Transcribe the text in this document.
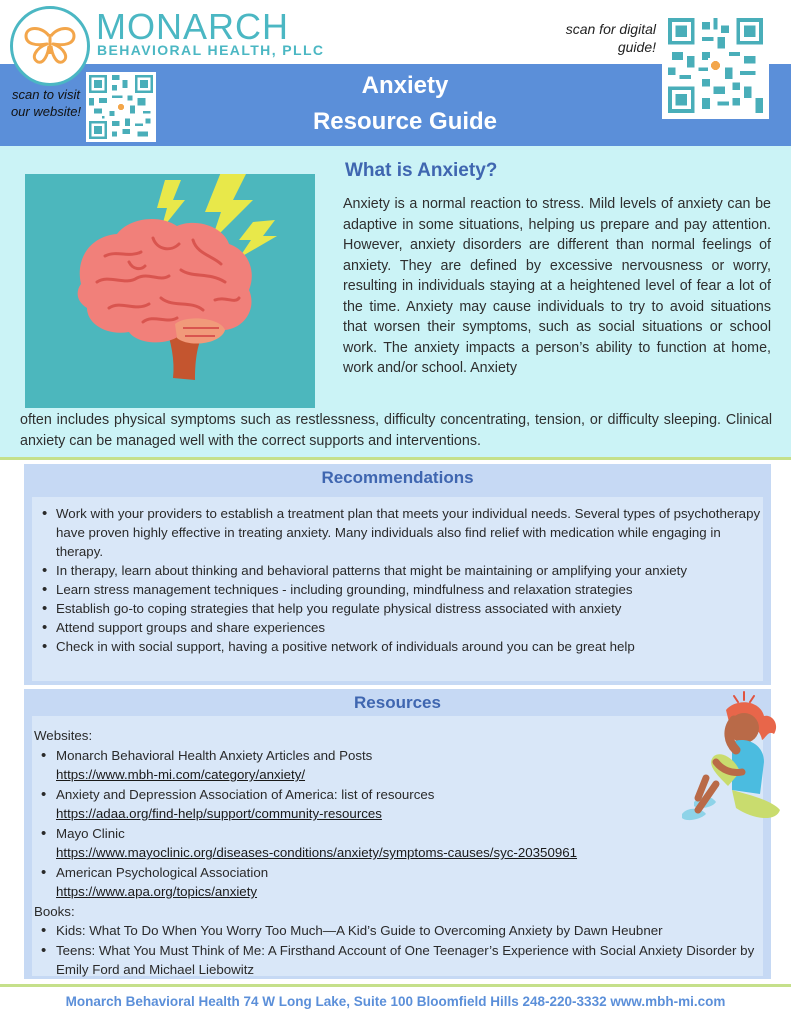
MONARCH
BEHAVIORAL HEALTH, PLLC
scan for digital guide!
scan to visit our website!
Anxiety
Resource Guide
What is Anxiety?
Anxiety is a normal reaction to stress. Mild levels of anxiety can be adaptive in some situations, helping us prepare and pay attention. However, anxiety disorders are different than normal feelings of anxiety. They are defined by excessive nervousness or worry, resulting in individuals staying at a heightened level of fear a lot of the time. Anxiety may cause individuals to try to avoid situations that worsen their symptoms, such as social situations or school work. The anxiety impacts a person’s ability to function at home, work and/or school. Anxiety
often includes physical symptoms such as restlessness, difficulty concentrating, tension, or difficulty sleeping. Clinical anxiety can be managed well with the correct supports and interventions.
Recommendations
• Work with your providers to establish a treatment plan that meets your individual needs. Several types of psychotherapy have proven highly effective in treating anxiety. Many individuals also find relief with medication while engaging in therapy.
• In therapy, learn about thinking and behavioral patterns that might be maintaining or amplifying your anxiety
• Learn stress management techniques - including grounding, mindfulness and relaxation strategies
• Establish go-to coping strategies that help you regulate physical distress associated with anxiety
• Attend support groups and share experiences
• Check in with social support, having a positive network of individuals around you can be great help
Resources
Websites:
• Monarch Behavioral Health Anxiety Articles and Posts
https://www.mbh-mi.com/category/anxiety/
• Anxiety and Depression Association of America: list of resources
https://adaa.org/find-help/support/community-resources
• Mayo Clinic
https://www.mayoclinic.org/diseases-conditions/anxiety/symptoms-causes/syc-20350961
• American Psychological Association
https://www.apa.org/topics/anxiety
Books:
• Kids: What To Do When You Worry Too Much—A Kid’s Guide to Overcoming Anxiety by Dawn Heubner
• Teens: What You Must Think of Me: A Firsthand Account of One Teenager’s Experience with Social Anxiety Disorder by Emily Ford and Michael Liebowitz
Monarch Behavioral Health 74 W Long Lake, Suite 100 Bloomfield Hills 248-220-3332 www.mbh-mi.com
